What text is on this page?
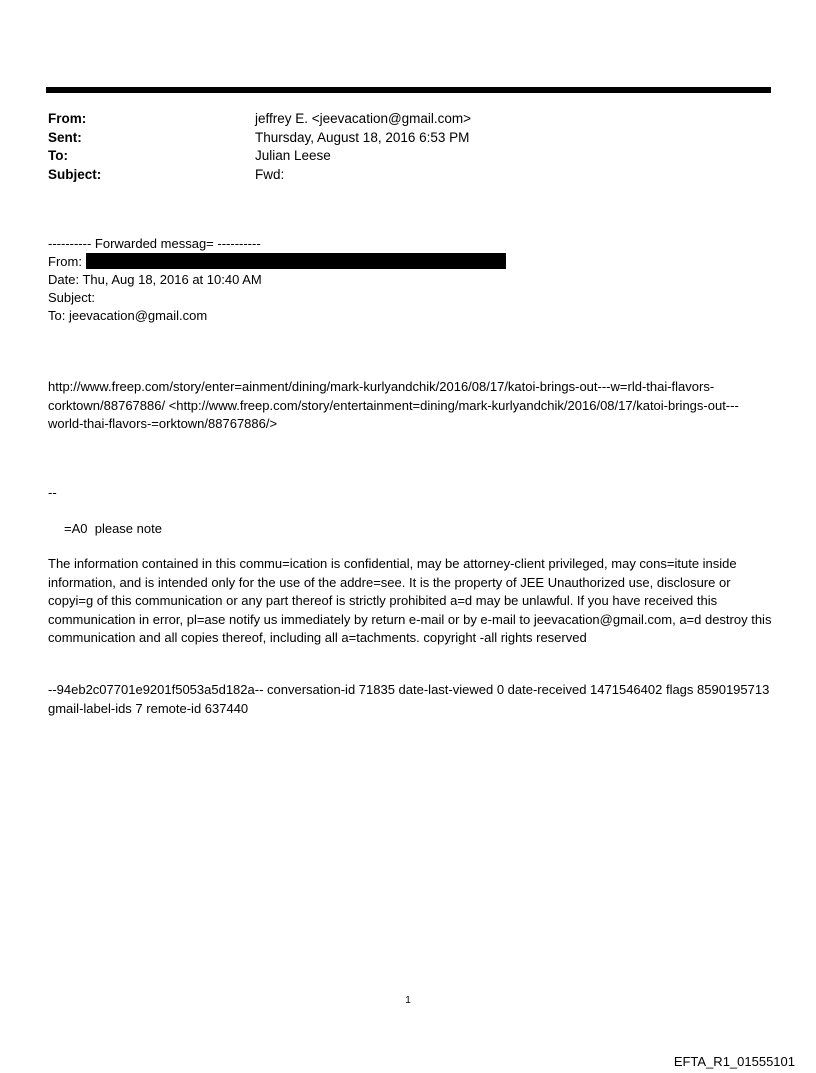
From:	jeffrey E. <jeevacation@gmail.com>
Sent:	Thursday, August 18, 2016 6:53 PM
To:	Julian Leese
Subject:	Fwd:
---------- Forwarded messag= ----------
From:
Date: Thu, Aug 18, 2016 at 10:40 AM
Subject:
To: jeevacation@gmail.com
http://www.freep.com/story/enter=ainment/dining/mark-kurlyandchik/2016/08/17/katoi-brings-out---w=rld-thai-flavors-corktown/88767886/ <http://www.freep.com/story/entertainment=dining/mark-kurlyandchik/2016/08/17/katoi-brings-out---world-thai-flavors-=orktown/88767886/>
--
=A0  please note
The information contained in this commu=ication is confidential, may be attorney-client privileged, may cons=itute inside information, and is intended only for the use of the addre=see. It is the property of JEE Unauthorized use, disclosure or copyi=g of this communication or any part thereof is strictly prohibited a=d may be unlawful. If you have received this communication in error, pl=ase notify us immediately by return e-mail or by e-mail to jeevacation@gmail.com, a=d destroy this communication and all copies thereof, including all a=tachments. copyright -all rights reserved
--94eb2c07701e9201f5053a5d182a-- conversation-id 71835 date-last-viewed 0 date-received 1471546402 flags 8590195713 gmail-label-ids 7 remote-id 637440
1
EFTA_R1_01555101
